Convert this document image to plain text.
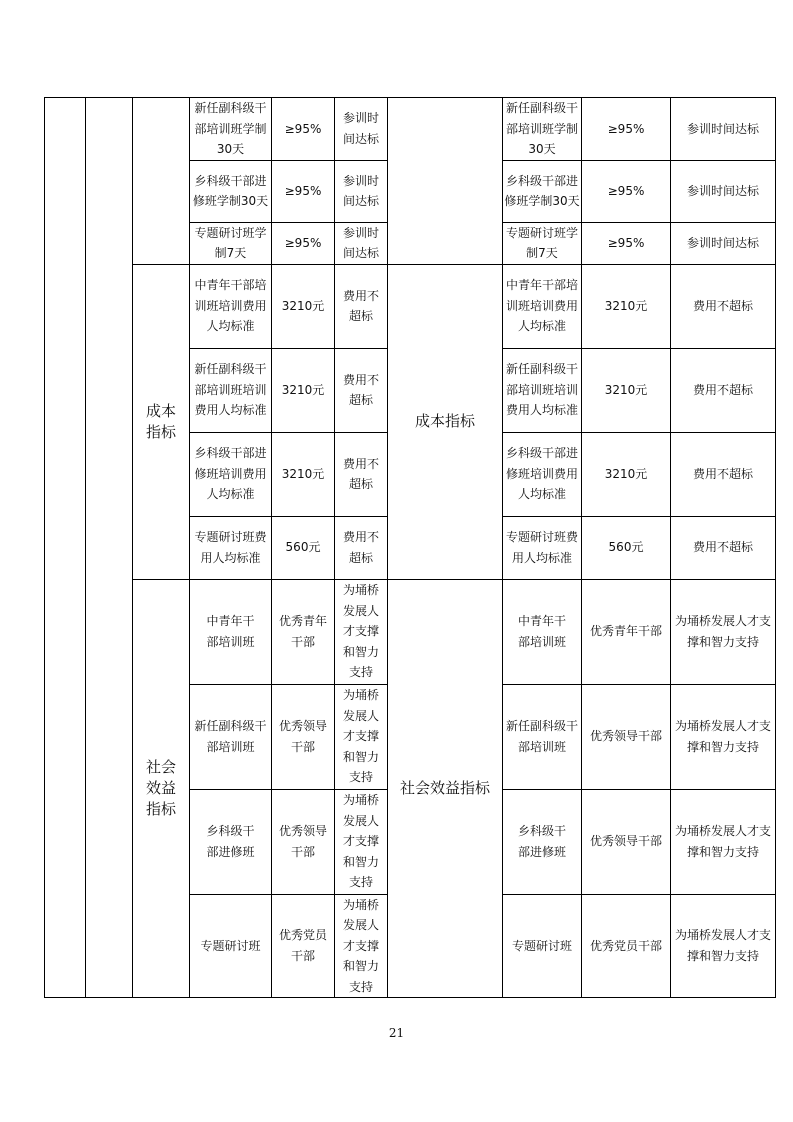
			新任副科级干部培训班学制30天	≥95%	参训时间达标		新任副科级干部培训班学制30天	≥95%	参训时间达标
			乡科级干部进修班学制30天	≥95%	参训时间达标		乡科级干部进修班学制30天	≥95%	参训时间达标
			专题研讨班学制7天	≥95%	参训时间达标		专题研讨班学制7天	≥95%	参训时间达标
		成本指标	中青年干部培训班培训费用人均标准	3210元	费用不超标	成本指标	中青年干部培训班培训费用人均标准	3210元	费用不超标
			新任副科级干部培训班培训费用人均标准	3210元	费用不超标		新任副科级干部培训班培训费用人均标准	3210元	费用不超标
			乡科级干部进修班培训费用人均标准	3210元	费用不超标		乡科级干部进修班培训费用人均标准	3210元	费用不超标
			专题研讨班费用人均标准	560元	费用不超标		专题研讨班费用人均标准	560元	费用不超标
		社会效益指标	中青年干部培训班	优秀青年干部	为埇桥发展人才支撑和智力支持	社会效益指标	中青年干部培训班	优秀青年干部	为埇桥发展人才支撑和智力支持
			新任副科级干部培训班	优秀领导干部	为埇桥发展人才支撑和智力支持		新任副科级干部培训班	优秀领导干部	为埇桥发展人才支撑和智力支持
			乡科级干部进修班	优秀领导干部	为埇桥发展人才支撑和智力支持		乡科级干部进修班	优秀领导干部	为埇桥发展人才支撑和智力支持
			专题研讨班	优秀党员干部	为埇桥发展人才支撑和智力支持		专题研讨班	优秀党员干部	为埇桥发展人才支撑和智力支持
21
